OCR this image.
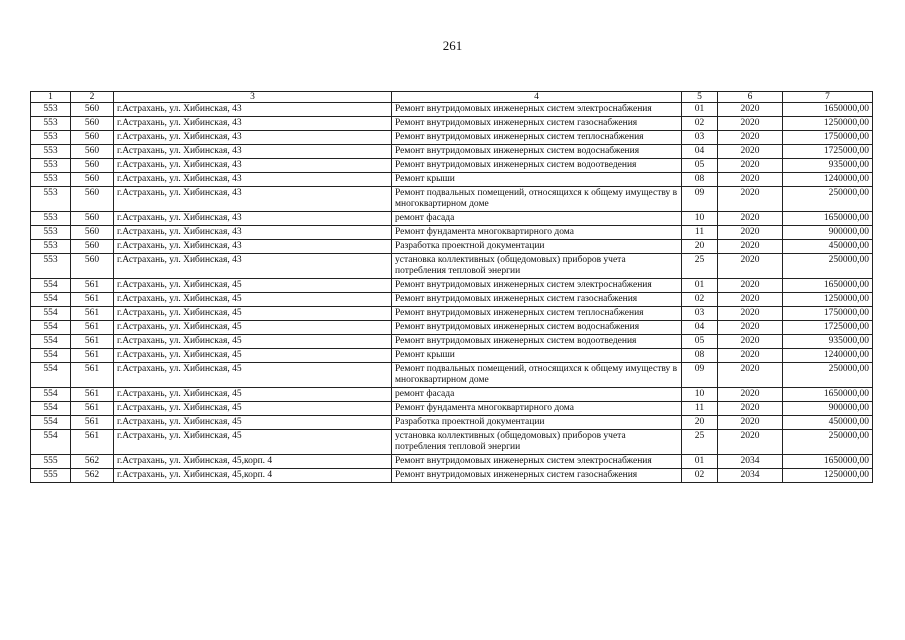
261
1	2	3	4	5	6	7
553	560	г.Астрахань, ул. Хибинская, 43	Ремонт внутридомовых инженерных систем электроснабжения	01	2020	1650000,00
553	560	г.Астрахань, ул. Хибинская, 43	Ремонт внутридомовых инженерных систем газоснабжения	02	2020	1250000,00
553	560	г.Астрахань, ул. Хибинская, 43	Ремонт внутридомовых инженерных систем теплоснабжения	03	2020	1750000,00
553	560	г.Астрахань, ул. Хибинская, 43	Ремонт внутридомовых инженерных систем водоснабжения	04	2020	1725000,00
553	560	г.Астрахань, ул. Хибинская, 43	Ремонт внутридомовых инженерных систем водоотведения	05	2020	935000,00
553	560	г.Астрахань, ул. Хибинская, 43	Ремонт крыши	08	2020	1240000,00
553	560	г.Астрахань, ул. Хибинская, 43	Ремонт подвальных помещений, относящихся к общему имуществу в многоквартирном доме	09	2020	250000,00
553	560	г.Астрахань, ул. Хибинская, 43	ремонт фасада	10	2020	1650000,00
553	560	г.Астрахань, ул. Хибинская, 43	Ремонт фундамента многоквартирного дома	11	2020	900000,00
553	560	г.Астрахань, ул. Хибинская, 43	Разработка проектной документации	20	2020	450000,00
553	560	г.Астрахань, ул. Хибинская, 43	установка коллективных (общедомовых) приборов учета потребления тепловой энергии	25	2020	250000,00
554	561	г.Астрахань, ул. Хибинская, 45	Ремонт внутридомовых инженерных систем электроснабжения	01	2020	1650000,00
554	561	г.Астрахань, ул. Хибинская, 45	Ремонт внутридомовых инженерных систем газоснабжения	02	2020	1250000,00
554	561	г.Астрахань, ул. Хибинская, 45	Ремонт внутридомовых инженерных систем теплоснабжения	03	2020	1750000,00
554	561	г.Астрахань, ул. Хибинская, 45	Ремонт внутридомовых инженерных систем водоснабжения	04	2020	1725000,00
554	561	г.Астрахань, ул. Хибинская, 45	Ремонт внутридомовых инженерных систем водоотведения	05	2020	935000,00
554	561	г.Астрахань, ул. Хибинская, 45	Ремонт крыши	08	2020	1240000,00
554	561	г.Астрахань, ул. Хибинская, 45	Ремонт подвальных помещений, относящихся к общему имуществу в многоквартирном доме	09	2020	250000,00
554	561	г.Астрахань, ул. Хибинская, 45	ремонт фасада	10	2020	1650000,00
554	561	г.Астрахань, ул. Хибинская, 45	Ремонт фундамента многоквартирного дома	11	2020	900000,00
554	561	г.Астрахань, ул. Хибинская, 45	Разработка проектной документации	20	2020	450000,00
554	561	г.Астрахань, ул. Хибинская, 45	установка коллективных (общедомовых) приборов учета потребления тепловой энергии	25	2020	250000,00
555	562	г.Астрахань, ул. Хибинская, 45,корп. 4	Ремонт внутридомовых инженерных систем электроснабжения	01	2034	1650000,00
555	562	г.Астрахань, ул. Хибинская, 45,корп. 4	Ремонт внутридомовых инженерных систем газоснабжения	02	2034	1250000,00
